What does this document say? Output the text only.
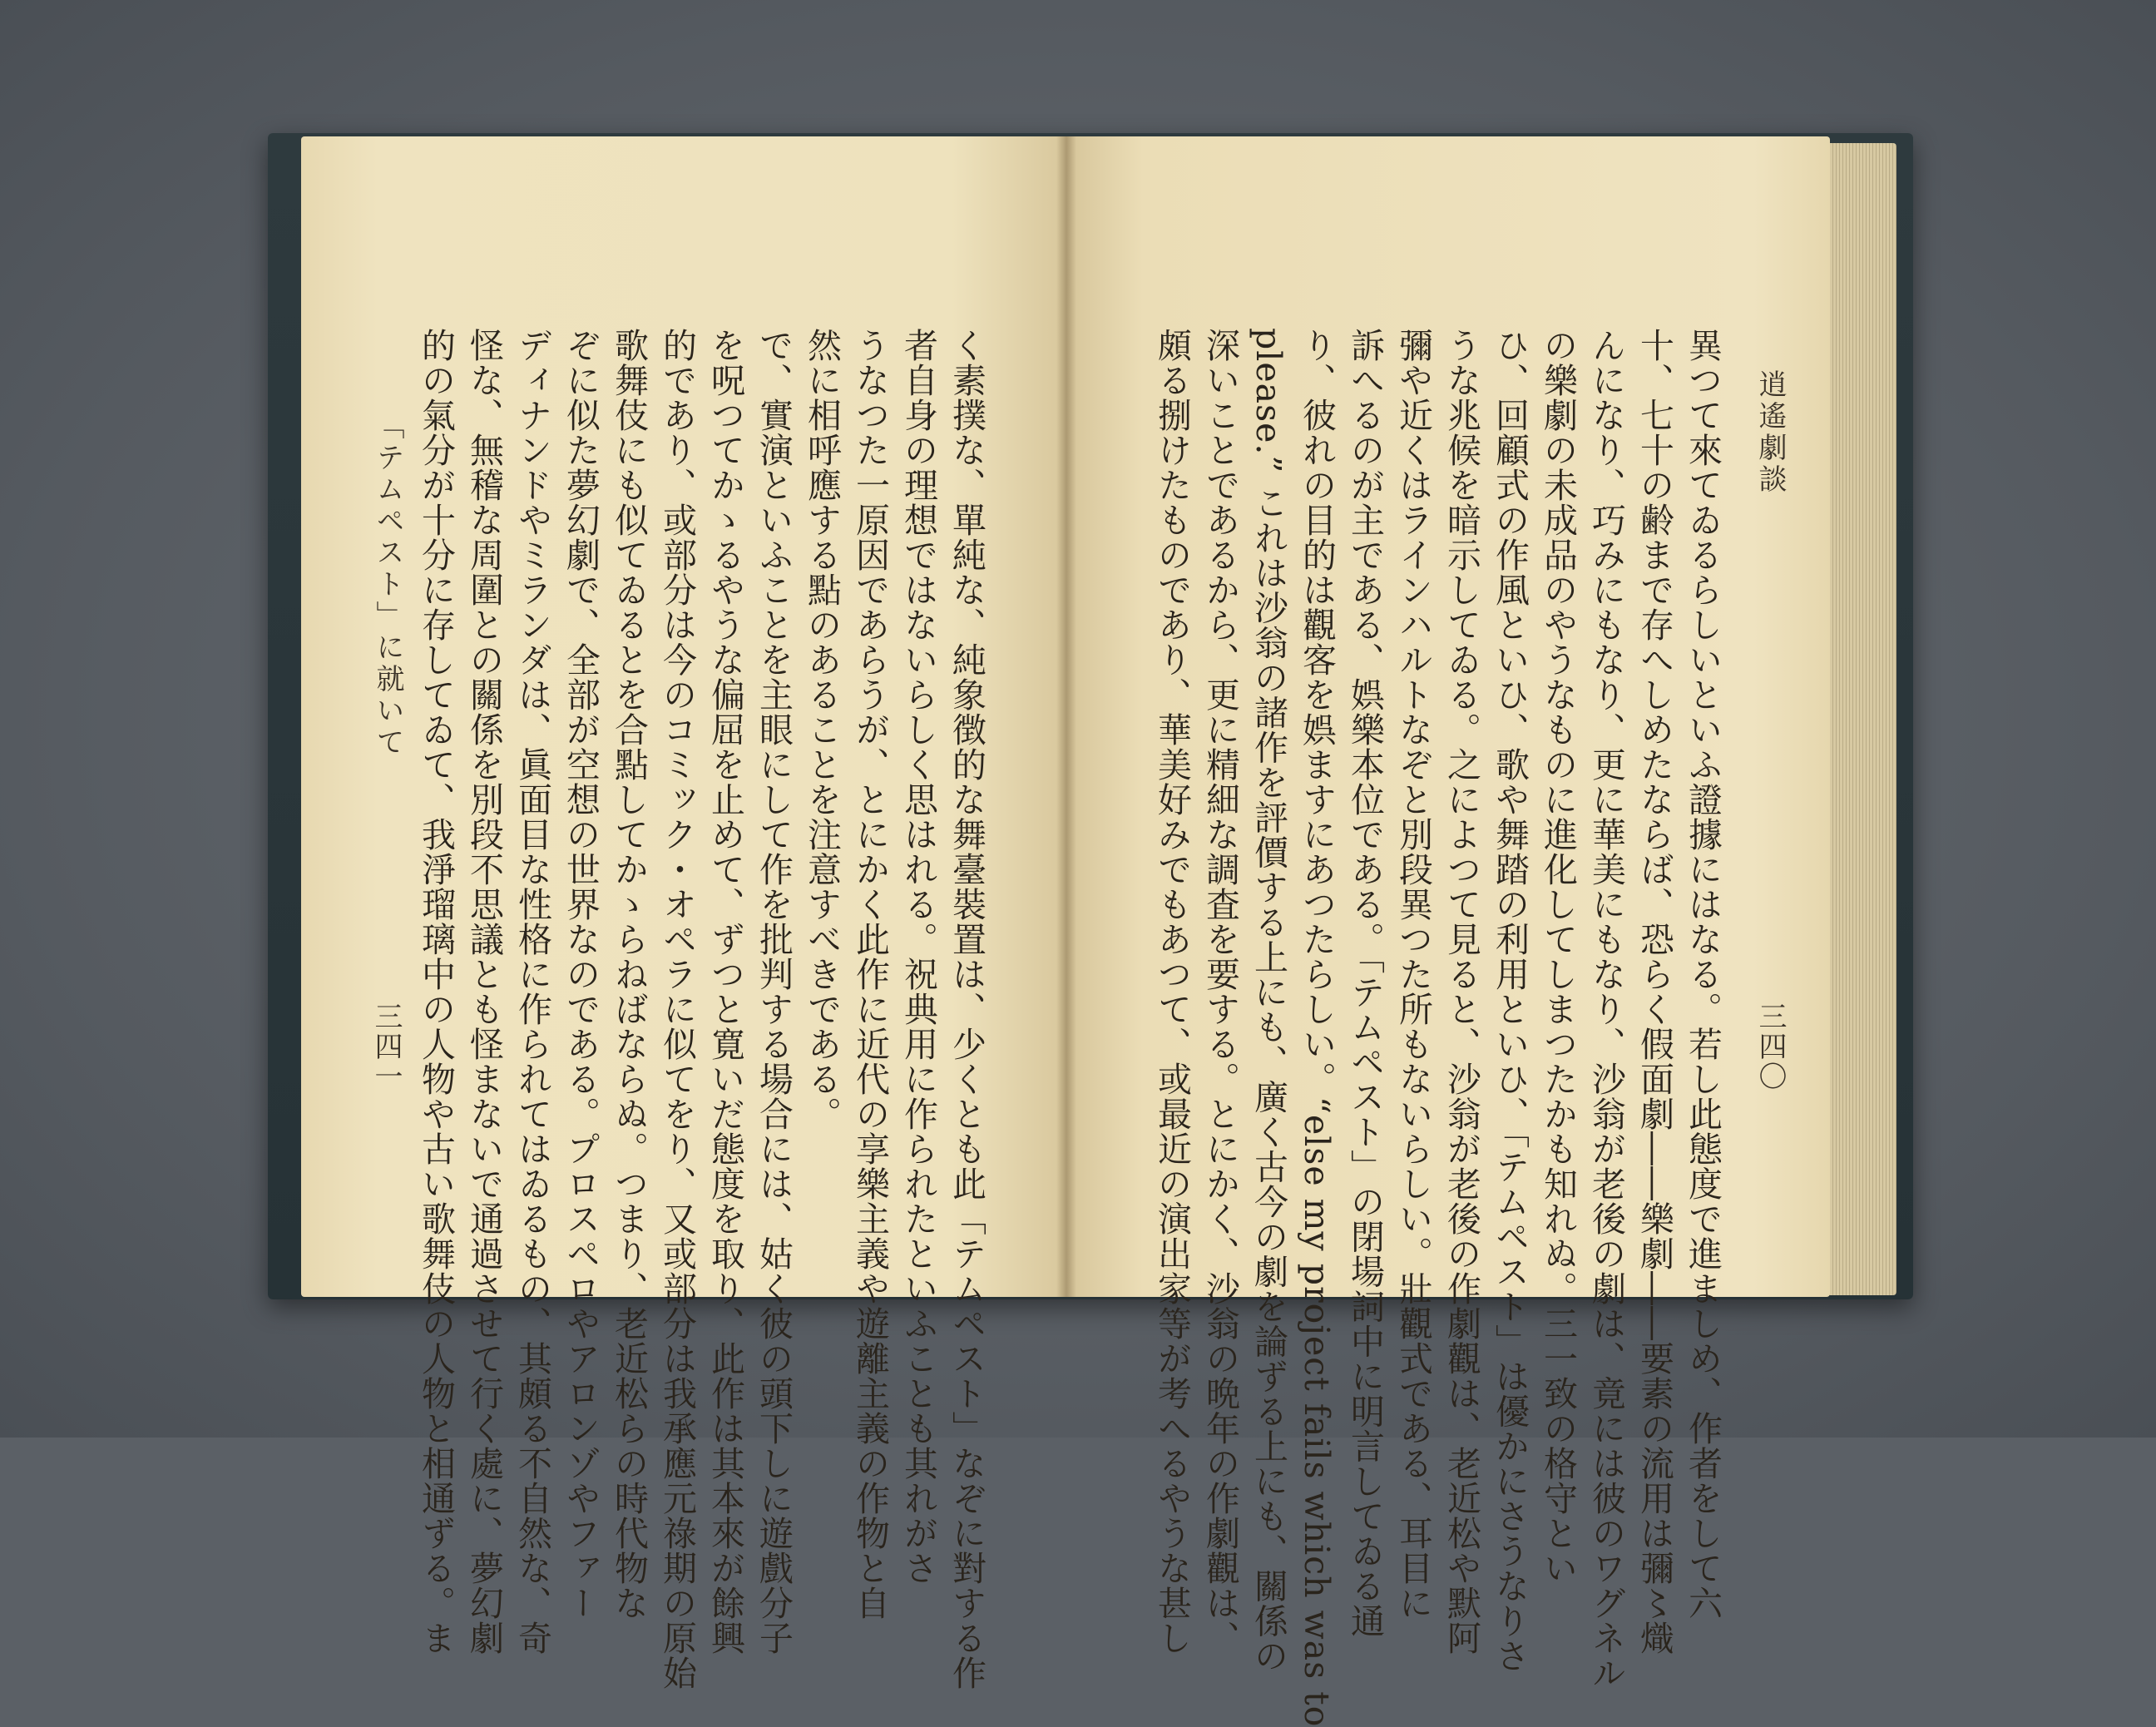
「テムペスト」に就いて
三四一	く素撲な、單純な、純象徴的な舞臺裝置は、少くとも此「テムペスト」なぞに對する作
者自身の理想ではないらしく思はれる。祝典用に作られたといふことも其れがさ
うなつた一原因であらうが、とにかく此作に近代の享樂主義や遊離主義の作物と自
然に相呼應する點のあることを注意すべきである。
で、實演といふことを主眼にして作を批判する場合には、姑く彼の頭下しに遊戲分子
を呪つてかゝるやうな偏屈を止めて、ずつと寛いだ態度を取り、此作は其本來が餘興
的であり、或部分は今のコミック・オペラに似てをり、又或部分は我承應元祿期の原始
歌舞伎にも似てゐるとを合點してかゝらねばならぬ。つまり、老近松らの時代物な
ぞに似た夢幻劇で、全部が空想の世界なのである。プロスペロやアロンゾやファー
ディナンドやミランダは、眞面目な性格に作られてはゐるもの、其頗る不自然な、奇
怪な、無稽な周圍との關係を別段不思議とも怪まないで通過させて行く處に、夢幻劇
的の氣分が十分に存してゐて、我淨瑠璃中の人物や古い歌舞伎の人物と相通ずる。ま	逍遙劇談
三四〇
異つて來てゐるらしいといふ證據にはなる。若し此態度で進ましめ、作者をして六
十、七十の齢まで存へしめたならば、恐らく假面劇――樂劇――要素の流用は彌〻熾
んになり、巧みにもなり、更に華美にもなり、沙翁が老後の劇は、竟には彼のワグネル
の樂劇の未成品のやうなものに進化してしまつたかも知れぬ。三一致の格守とい
ひ、回顧式の作風といひ、歌や舞踏の利用といひ、「テムペスト」は優かにさうなりさ
うな兆候を暗示してゐる。之によつて見ると、沙翁が老後の作劇觀は、老近松や默阿
彌や近くはラインハルトなぞと別段異つた所もないらしい。壯觀式である、耳目に
訴へるのが主である、娯樂本位である。「テムペスト」の閉場詞中に明言してゐる通
り、彼れの目的は觀客を娯ますにあつたらしい。“else my project fails which was to
please.” これは沙翁の諸作を評價する上にも、廣く古今の劇を論ずる上にも、關係の
深いことであるから、更に精細な調査を要する。とにかく、沙翁の晩年の作劇觀は、
頗る捌けたものであり、華美好みでもあつて、或最近の演出家等が考へるやうな甚し
